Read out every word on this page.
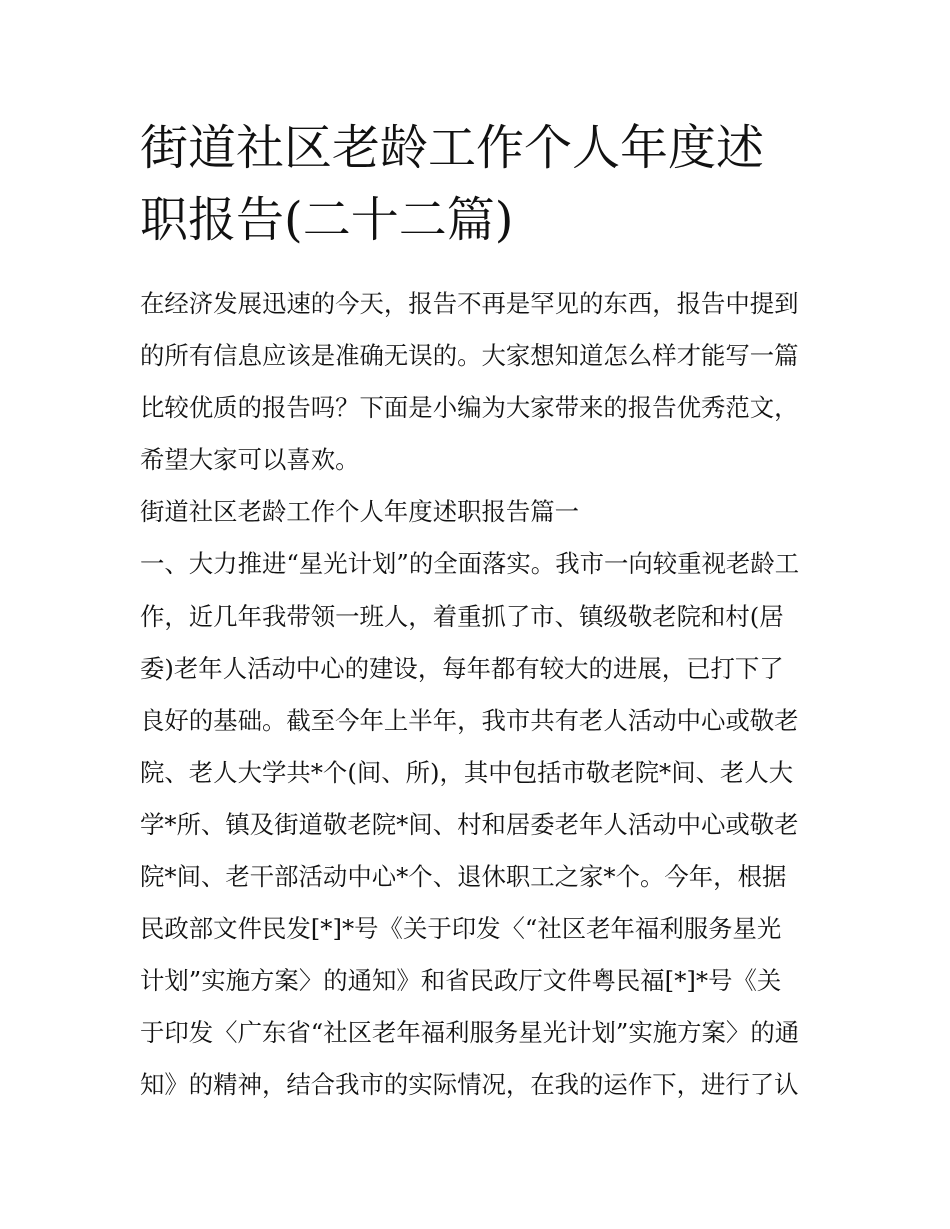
街道社区老龄工作个人年度述
职报告(二十二篇)
在经济发展迅速的今天，报告不再是罕见的东西，报告中提到
的所有信息应该是准确无误的。大家想知道怎么样才能写一篇
比较优质的报告吗？下面是小编为大家带来的报告优秀范文，
希望大家可以喜欢。
街道社区老龄工作个人年度述职报告篇一
一、大力推进“星光计划”的全面落实。我市一向较重视老龄工
作，近几年我带领一班人，着重抓了市、镇级敬老院和村(居
委)老年人活动中心的建设，每年都有较大的进展，已打下了
良好的基础。截至今年上半年，我市共有老人活动中心或敬老
院、老人大学共*个(间、所)，其中包括市敬老院*间、老人大
学*所、镇及街道敬老院*间、村和居委老年人活动中心或敬老
院*间、老干部活动中心*个、退休职工之家*个。今年，根据
民政部文件民发[*]*号《关于印发〈“社区老年福利服务星光
计划”实施方案〉的通知》和省民政厅文件粤民福[*]*号《关
于印发〈广东省“社区老年福利服务星光计划”实施方案〉的通
知》的精神，结合我市的实际情况，在我的运作下，进行了认
